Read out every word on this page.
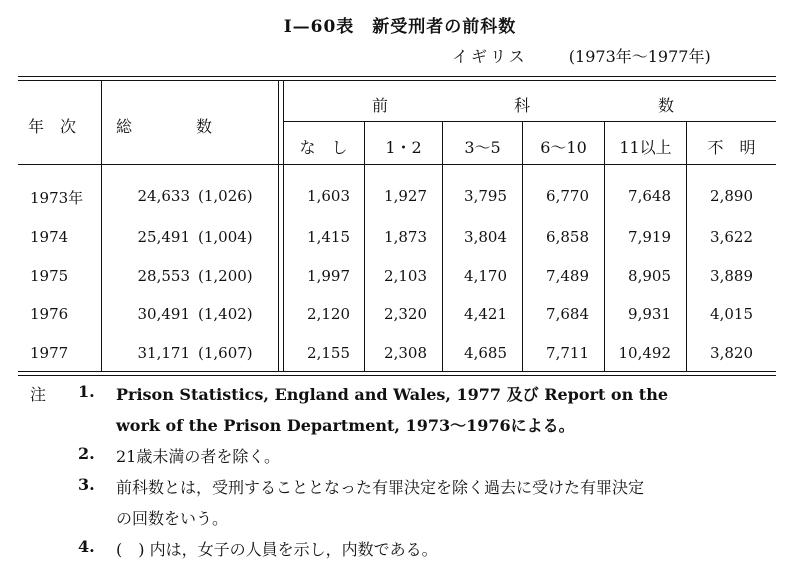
Ⅰ—60表　新受刑者の前科数
イギリス	(1973年～1977年)
年　次 総　　　　数
前	科	数
な　し	1・2	3～5	6～10	11以上	不　明
1973年	24,633 (1,026)	1,603	1,927	3,795	6,770	7,648	2,890
1974	25,491 (1,004)	1,415	1,873	3,804	6,858	7,919	3,622
1975	28,553 (1,200)	1,997	2,103	4,170	7,489	8,905	3,889
1976	30,491 (1,402)	2,120	2,320	4,421	7,684	9,931	4,015
1977	31,171 (1,607)	2,155	2,308	4,685	7,711	10,492	3,820
注 1. Prison Statistics, England and Wales, 1977 及び Report on the
work of the Prison Department, 1973～1976による。
2. 21歳未満の者を除く。
3. 前科数とは，受刑することとなった有罪決定を除く過去に受けた有罪決定
の回数をいう。
4. (　) 内は，女子の人員を示し，内数である。
